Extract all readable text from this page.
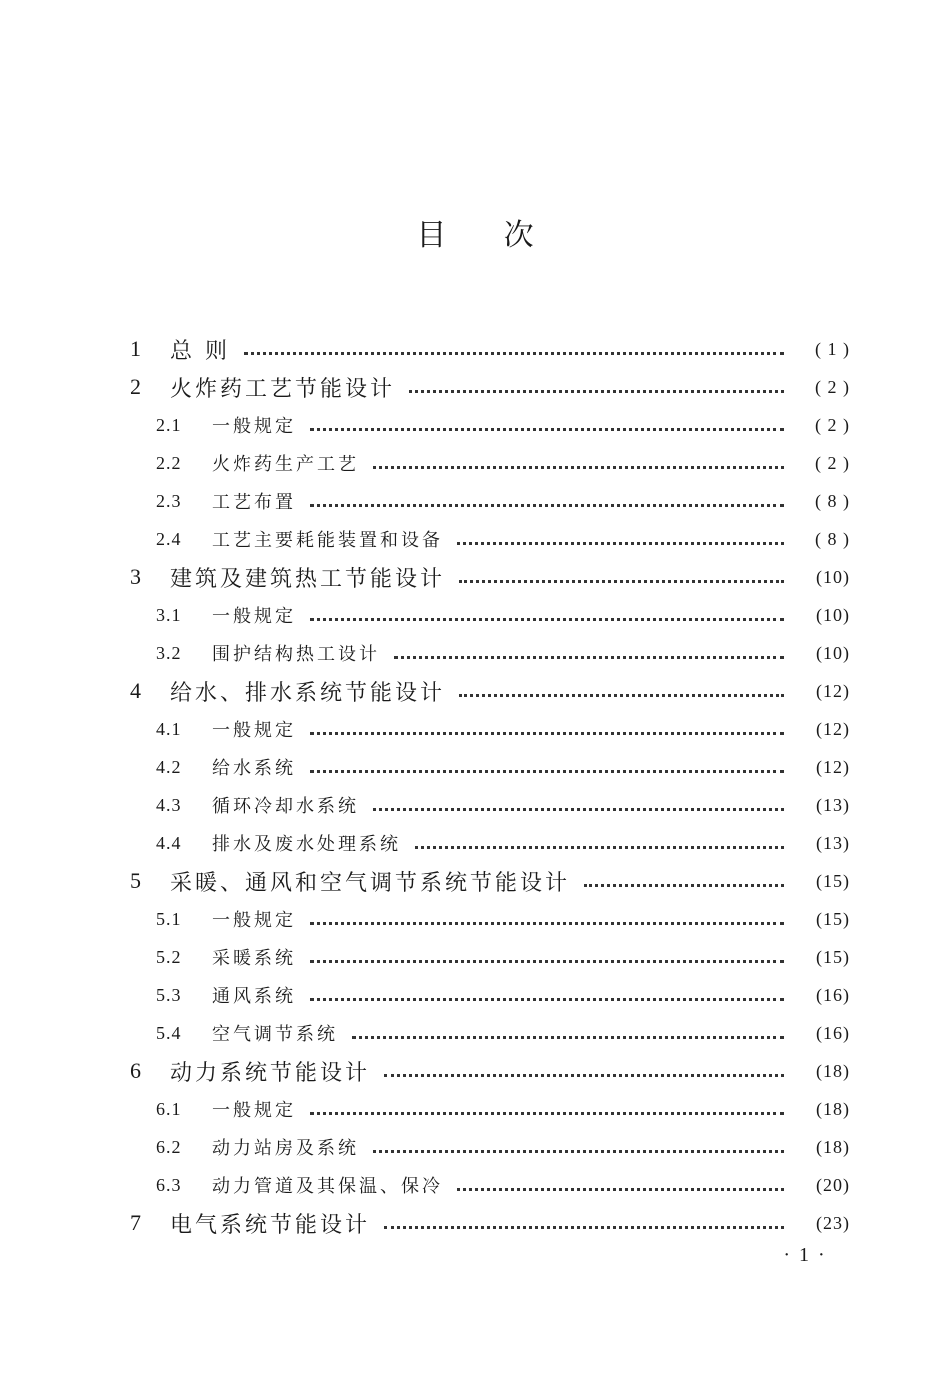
目      次
1	总 则	( 1 )
2	火炸药工艺节能设计	( 2 )
2.1	一般规定	( 2 )
2.2	火炸药生产工艺	( 2 )
2.3	工艺布置	( 8 )
2.4	工艺主要耗能装置和设备	( 8 )
3	建筑及建筑热工节能设计	(10)
3.1	一般规定	(10)
3.2	围护结构热工设计	(10)
4	给水、排水系统节能设计	(12)
4.1	一般规定	(12)
4.2	给水系统	(12)
4.3	循环冷却水系统	(13)
4.4	排水及废水处理系统	(13)
5	采暖、通风和空气调节系统节能设计	(15)
5.1	一般规定	(15)
5.2	采暖系统	(15)
5.3	通风系统	(16)
5.4	空气调节系统	(16)
6	动力系统节能设计	(18)
6.1	一般规定	(18)
6.2	动力站房及系统	(18)
6.3	动力管道及其保温、保冷	(20)
7	电气系统节能设计	(23)
· 1 ·
